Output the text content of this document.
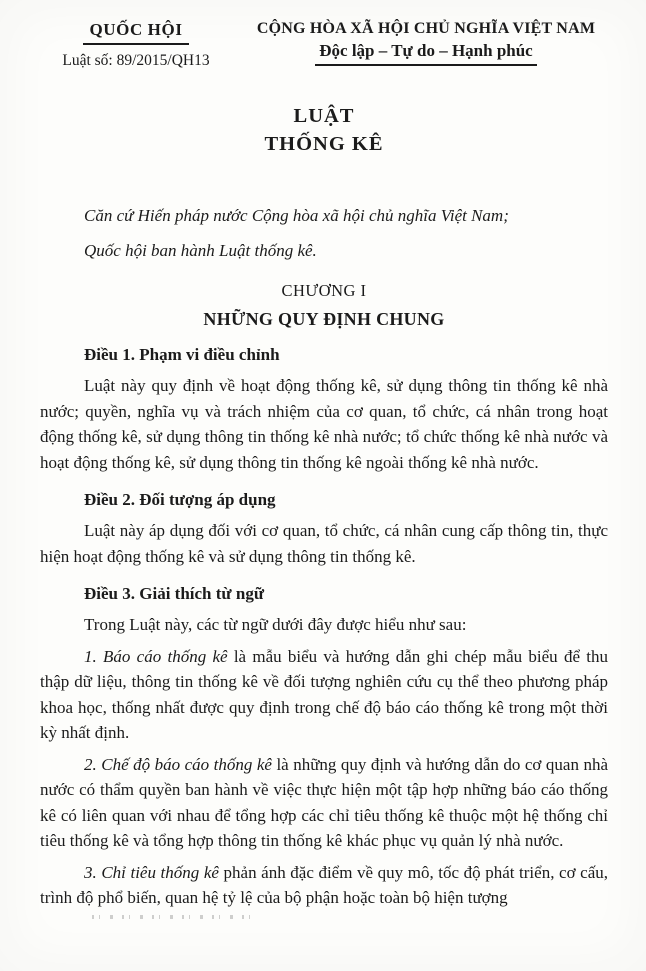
QUỐC HỘI
Luật số: 89/2015/QH13
CỘNG HÒA XÃ HỘI CHỦ NGHĨA VIỆT NAM
Độc lập – Tự do – Hạnh phúc
LUẬT
THỐNG KÊ

Căn cứ Hiến pháp nước Cộng hòa xã hội chủ nghĩa Việt Nam;

Quốc hội ban hành Luật thống kê.

CHƯƠNG I
NHỮNG QUY ĐỊNH CHUNG

Điều 1. Phạm vi điều chỉnh

Luật này quy định về hoạt động thống kê, sử dụng thông tin thống kê nhà nước; quyền, nghĩa vụ và trách nhiệm của cơ quan, tổ chức, cá nhân trong hoạt động thống kê, sử dụng thông tin thống kê nhà nước; tổ chức thống kê nhà nước và hoạt động thống kê, sử dụng thông tin thống kê ngoài thống kê nhà nước.

Điều 2. Đối tượng áp dụng

Luật này áp dụng đối với cơ quan, tổ chức, cá nhân cung cấp thông tin, thực hiện hoạt động thống kê và sử dụng thông tin thống kê.

Điều 3. Giải thích từ ngữ

Trong Luật này, các từ ngữ dưới đây được hiểu như sau:

1. Báo cáo thống kê là mẫu biểu và hướng dẫn ghi chép mẫu biểu để thu thập dữ liệu, thông tin thống kê về đối tượng nghiên cứu cụ thể theo phương pháp khoa học, thống nhất được quy định trong chế độ báo cáo thống kê trong một thời kỳ nhất định.

2. Chế độ báo cáo thống kê là những quy định và hướng dẫn do cơ quan nhà nước có thẩm quyền ban hành về việc thực hiện một tập hợp những báo cáo thống kê có liên quan với nhau để tổng hợp các chỉ tiêu thống kê thuộc một hệ thống chỉ tiêu thống kê và tổng hợp thông tin thống kê khác phục vụ quản lý nhà nước.

3. Chỉ tiêu thống kê phản ánh đặc điểm về quy mô, tốc độ phát triển, cơ cấu, trình độ phổ biến, quan hệ tỷ lệ của bộ phận hoặc toàn bộ hiện tượng
